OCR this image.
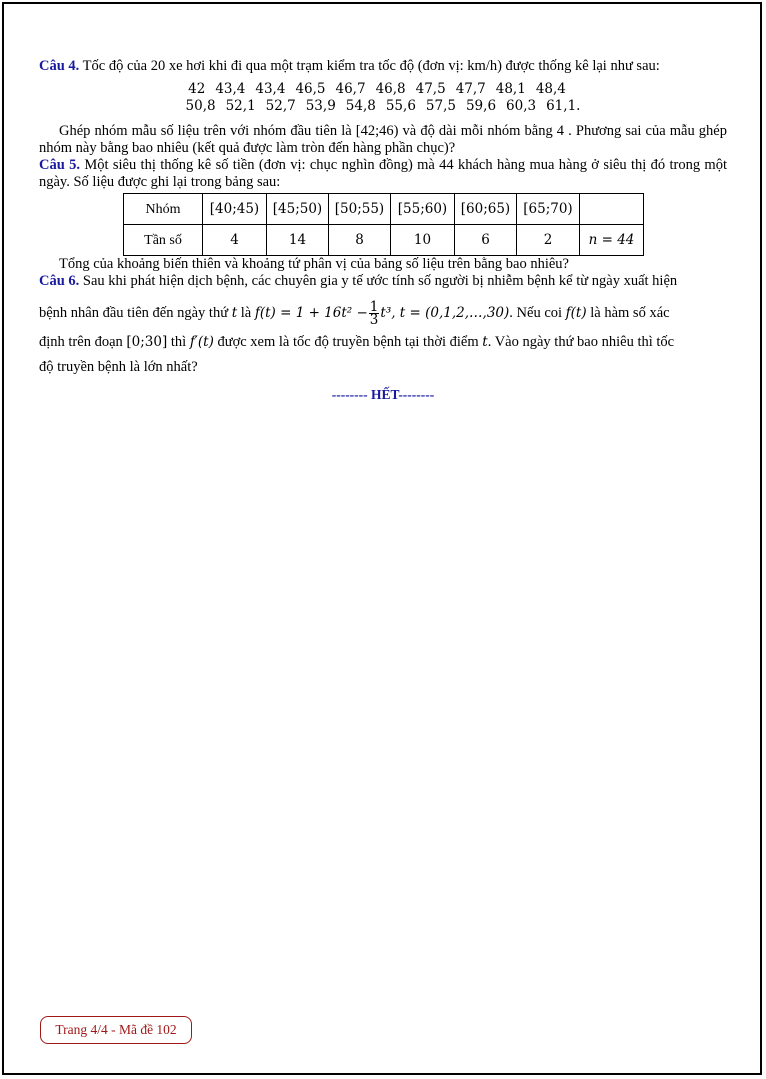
Câu 4. Tốc độ của 20 xe hơi khi đi qua một trạm kiểm tra tốc độ (đơn vị: km/h) được thống kê lại như sau:

42 43,4 43,4 46,5 46,7 46,8 47,5 47,7 48,1 48,4
50,8 52,1 52,7 53,9 54,8 55,6 57,5 59,6 60,3 61,1.

Ghép nhóm mẫu số liệu trên với nhóm đầu tiên là [42;46) và độ dài mỗi nhóm bằng 4 . Phương sai của mẫu ghép nhóm này bằng bao nhiêu (kết quả được làm tròn đến hàng phần chục)?

Câu 5. Một siêu thị thống kê số tiền (đơn vị: chục nghìn đồng) mà 44 khách hàng mua hàng ở siêu thị đó trong một ngày. Số liệu được ghi lại trong bảng sau:

Nhóm	[40;45)	[45;50)	[50;55)	[55;60)	[60;65)	[65;70)	
Tần số	4	14	8	10	6	2	n = 44

Tổng của khoảng biến thiên và khoảng tứ phân vị của bảng số liệu trên bằng bao nhiêu?

Câu 6. Sau khi phát hiện dịch bệnh, các chuyên gia y tế ước tính số người bị nhiễm bệnh kể từ ngày xuất hiện

bệnh nhân đầu tiên đến ngày thứ t là $f(t) = 1 + 16t^2 - \frac{1}{3} t^3$, t = (0,1,2,…,30). Nếu coi f(t) là hàm số xác

định trên đoạn [0;30] thì f′(t) được xem là tốc độ truyền bệnh tại thời điểm t. Vào ngày thứ bao nhiêu thì tốc

độ truyền bệnh là lớn nhất?

-------- HẾT--------

Trang 4/4 - Mã đề 102
